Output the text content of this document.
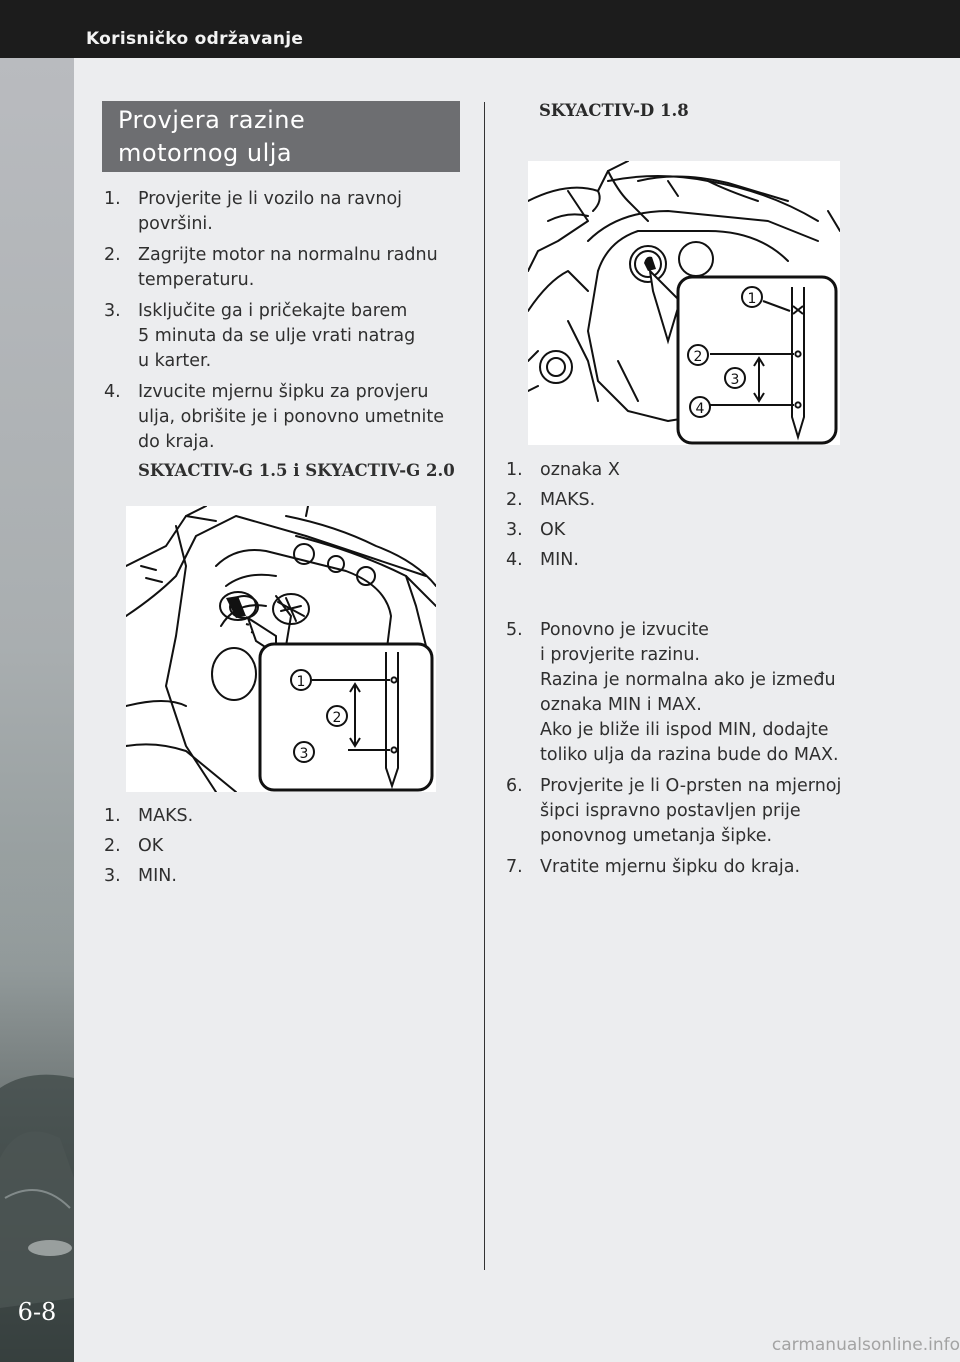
Korisničko održavanje
6-8
Provjera razine
motornog ulja
1. Provjerite je li vozilo na ravnoj
površini.
2. Zagrijte motor na normalnu radnu
temperaturu.
3. Isključite ga i pričekajte barem
5 minuta da se ulje vrati natrag
u karter.
4. Izvucite mjernu šipku za provjeru
ulja, obrišite je i ponovno umetnite
do kraja.
SKYACTIV-G 1.5 i SKYACTIV-G 2.0
1
2
3
1. MAKS.
2. OK
3. MIN.
SKYACTIV-D 1.8
1
2
3
4
1. oznaka X
2. MAKS.
3. OK
4. MIN.
5. Ponovno je izvucite
i provjerite razinu.
Razina je normalna ako je između
oznaka MIN i MAX.
Ako je bliže ili ispod MIN, dodajte
toliko ulja da razina bude do MAX.
6. Provjerite je li O-prsten na mjernoj
šipci ispravno postavljen prije
ponovnog umetanja šipke.
7. Vratite mjernu šipku do kraja.
carmanualsonline.info
